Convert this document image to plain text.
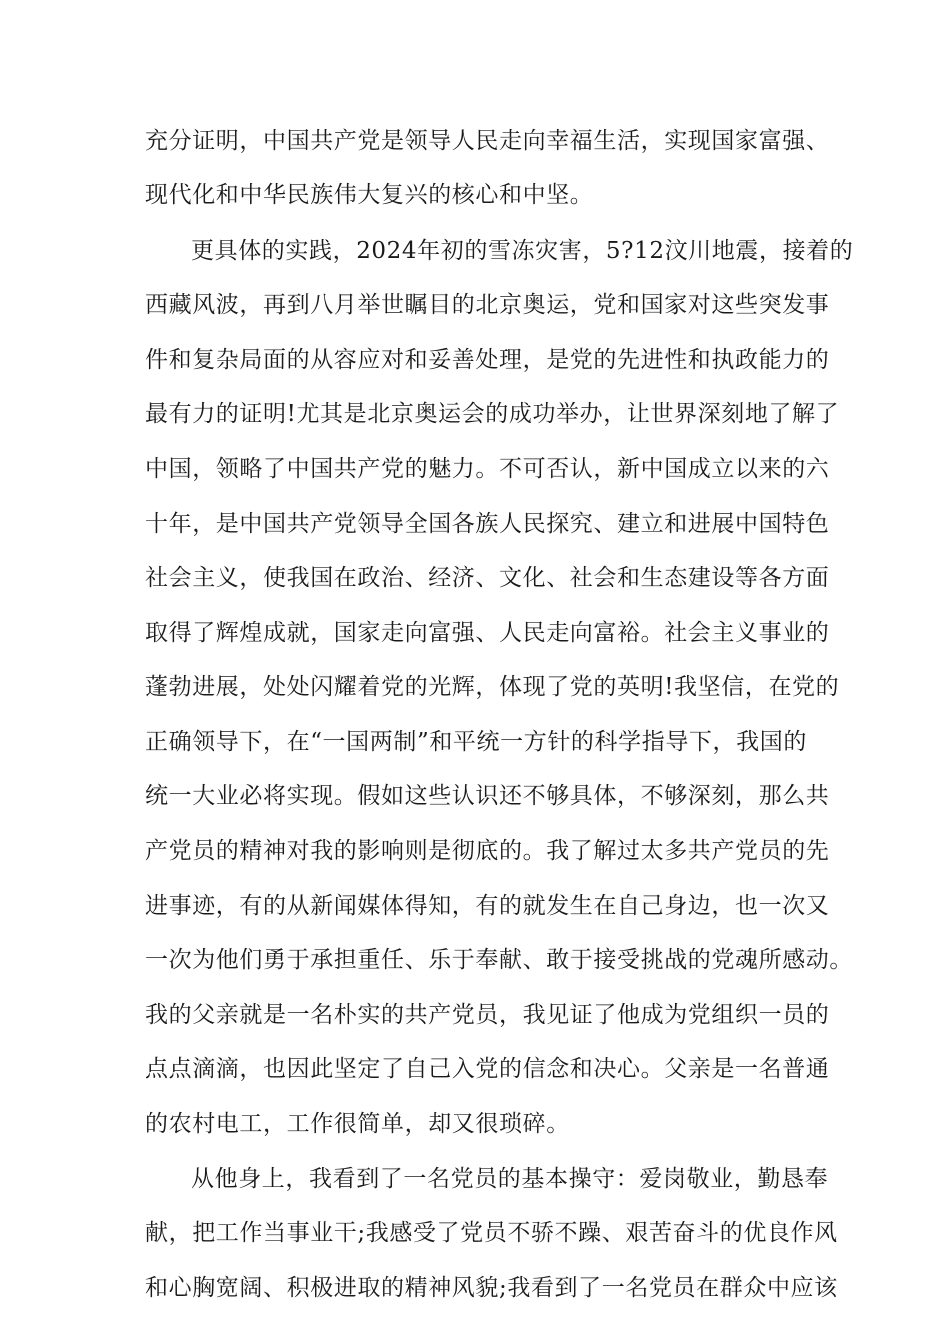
充分证明，中国共产党是领导人民走向幸福生活，实现国家富强、
现代化和中华民族伟大复兴的核心和中坚。
更具体的实践，2024年初的雪冻灾害，5?12汶川地震，接着的
西藏风波，再到八月举世瞩目的北京奥运，党和国家对这些突发事
件和复杂局面的从容应对和妥善处理，是党的先进性和执政能力的
最有力的证明!尤其是北京奥运会的成功举办，让世界深刻地了解了
中国，领略了中国共产党的魅力。不可否认，新中国成立以来的六
十年，是中国共产党领导全国各族人民探究、建立和进展中国特色
社会主义，使我国在政治、经济、文化、社会和生态建设等各方面
取得了辉煌成就，国家走向富强、人民走向富裕。社会主义事业的
蓬勃进展，处处闪耀着党的光辉，体现了党的英明!我坚信，在党的
正确领导下，在“一国两制”和平统一方针的科学指导下，我国的
统一大业必将实现。假如这些认识还不够具体，不够深刻，那么共
产党员的精神对我的影响则是彻底的。我了解过太多共产党员的先
进事迹，有的从新闻媒体得知，有的就发生在自己身边，也一次又
一次为他们勇于承担重任、乐于奉献、敢于接受挑战的党魂所感动。
我的父亲就是一名朴实的共产党员，我见证了他成为党组织一员的
点点滴滴，也因此坚定了自己入党的信念和决心。父亲是一名普通
的农村电工，工作很简单，却又很琐碎。
从他身上，我看到了一名党员的基本操守：爱岗敬业，勤恳奉
献，把工作当事业干;我感受了党员不骄不躁、艰苦奋斗的优良作风
和心胸宽阔、积极进取的精神风貌;我看到了一名党员在群众中应该
